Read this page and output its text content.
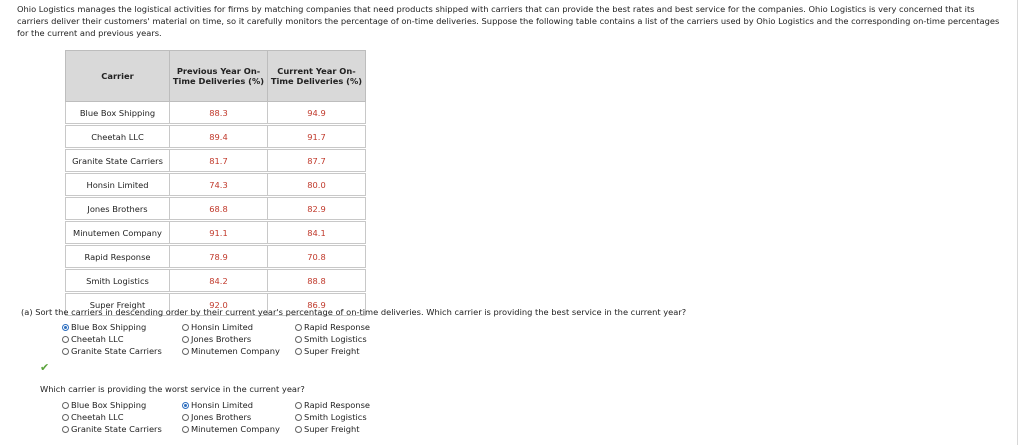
Ohio Logistics manages the logistical activities for firms by matching companies that need products shipped with carriers that can provide the best rates and best service for the companies. Ohio Logistics is very concerned that its carriers deliver their customers' material on time, so it carefully monitors the percentage of on-time deliveries. Suppose the following table contains a list of the carriers used by Ohio Logistics and the corresponding on-time percentages for the current and previous years.
Carrier	Previous Year On-Time Deliveries (%)	Current Year On-Time Deliveries (%)
Blue Box Shipping	88.3	94.9

Cheetah LLC	89.4	91.7

Granite State Carriers	81.7	87.7

Honsin Limited	74.3	80.0

Jones Brothers	68.8	82.9

Minutemen Company	91.1	84.1

Rapid Response	78.9	70.8

Smith Logistics	84.2	88.8

Super Freight	92.0	86.9
(a) Sort the carriers in descending order by their current year's percentage of on-time deliveries. Which carrier is providing the best service in the current year?
Blue Box Shipping	Honsin Limited	Rapid Response
Cheetah LLC	Jones Brothers	Smith Logistics
Granite State Carriers	Minutemen Company	Super Freight
✔
Which carrier is providing the worst service in the current year?
Blue Box Shipping	Honsin Limited	Rapid Response
Cheetah LLC	Jones Brothers	Smith Logistics
Granite State Carriers	Minutemen Company	Super Freight
